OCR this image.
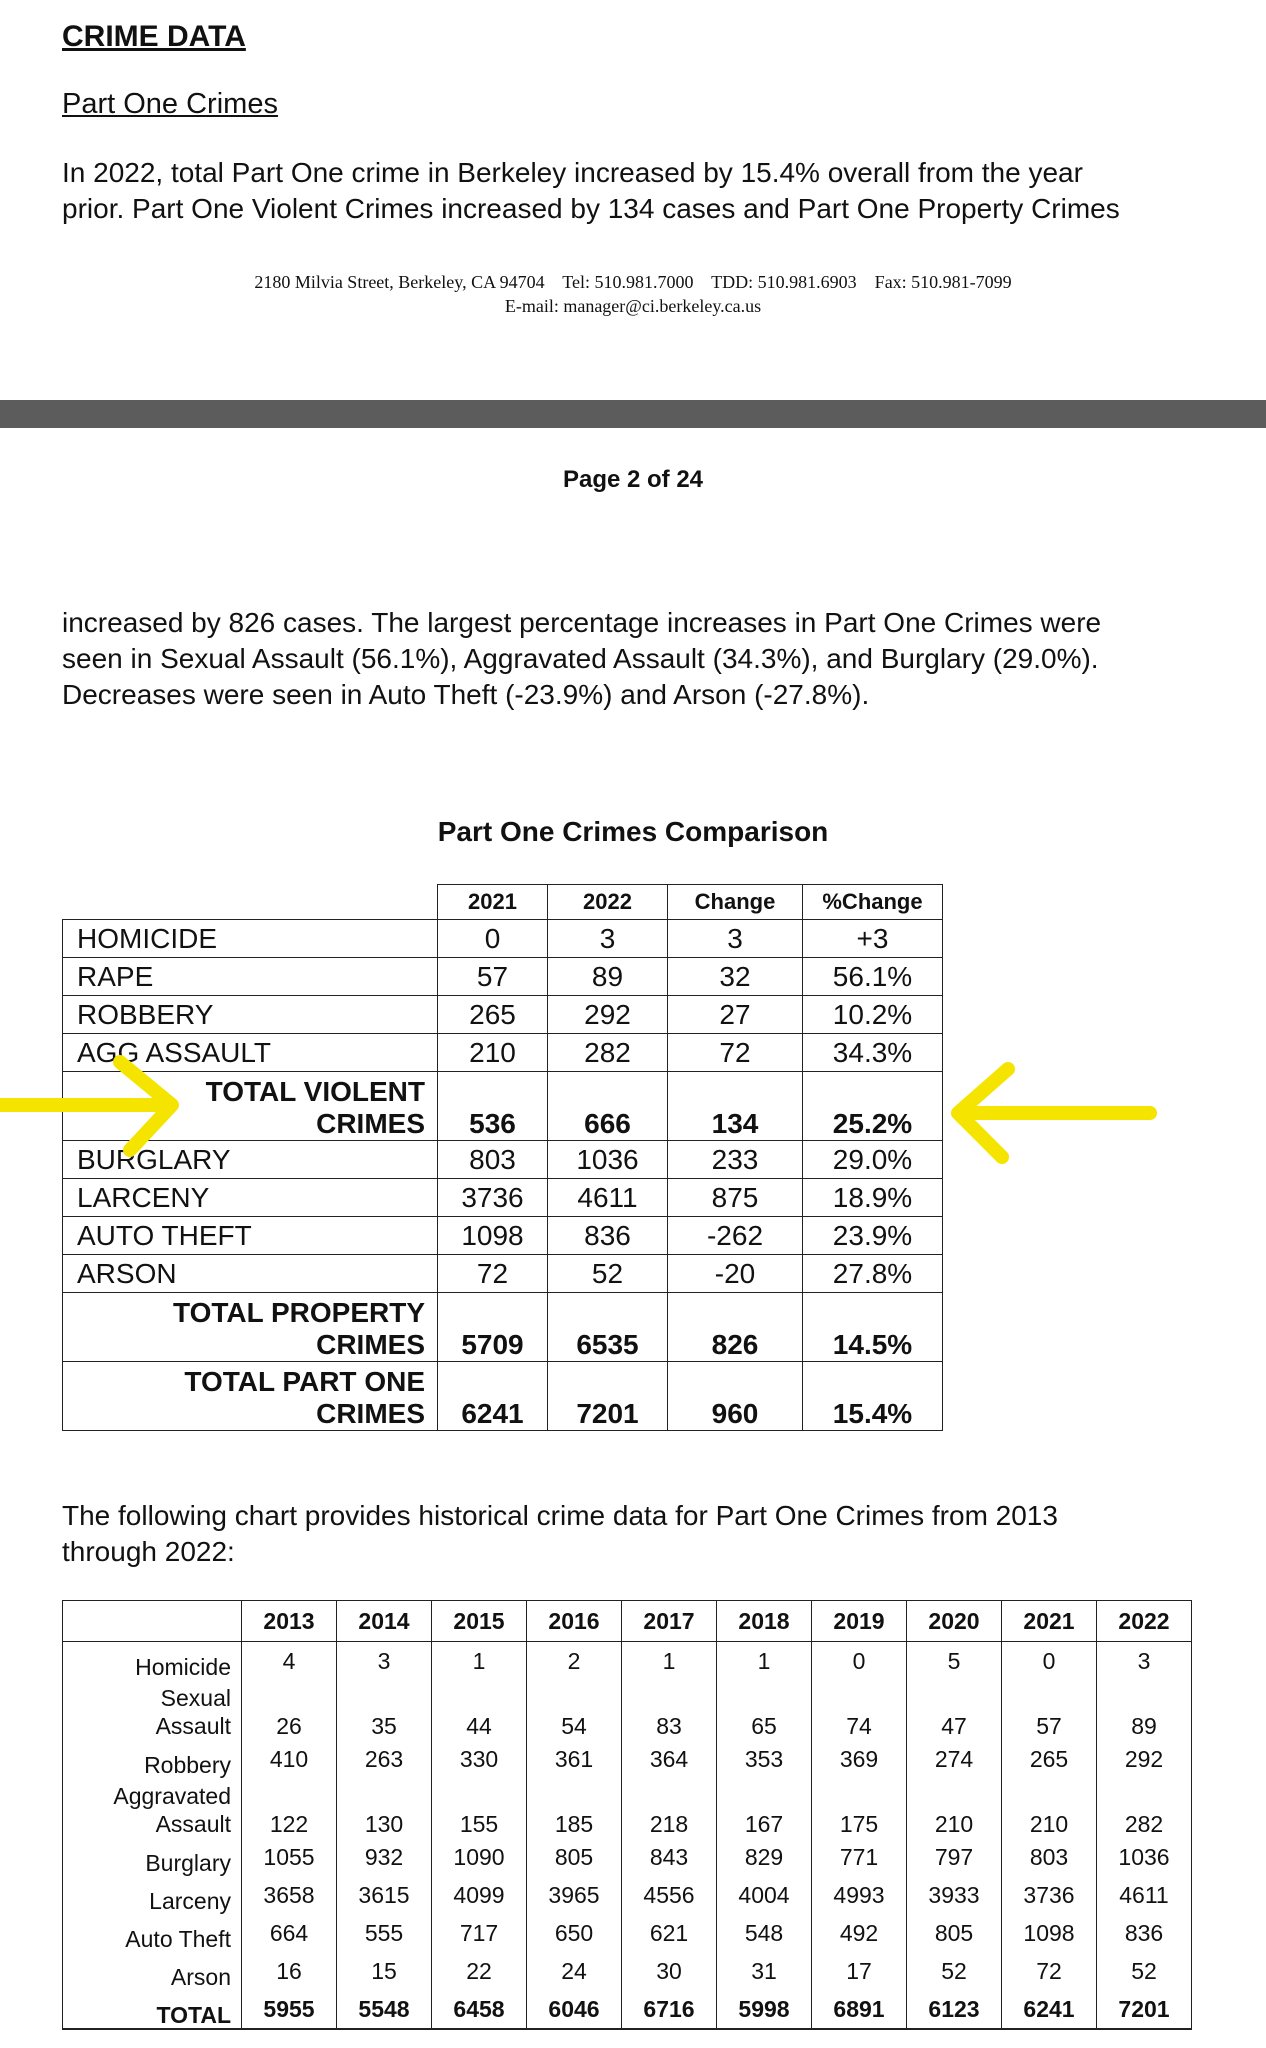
CRIME DATA
Part One Crimes
In 2022, total Part One crime in Berkeley increased by 15.4% overall from the year
prior. Part One Violent Crimes increased by 134 cases and Part One Property Crimes
2180 Milvia Street, Berkeley, CA 94704    Tel: 510.981.7000    TDD: 510.981.6903    Fax: 510.981-7099
E-mail: manager@ci.berkeley.ca.us
Page 2 of 24
increased by 826 cases. The largest percentage increases in Part One Crimes were
seen in Sexual Assault (56.1%), Aggravated Assault (34.3%), and Burglary (29.0%).
Decreases were seen in Auto Theft (-23.9%) and Arson (-27.8%).
Part One Crimes Comparison
	2021	2022	Change	%Change
HOMICIDE	0	3	3	+3
RAPE	57	89	32	56.1%
ROBBERY	265	292	27	10.2%
AGG ASSAULT	210	282	72	34.3%

TOTAL VIOLENT
CRIMES	536	666	134	25.2%
BURGLARY	803	1036	233	29.0%
LARCENY	3736	4611	875	18.9%
AUTO THEFT	1098	836	-262	23.9%
ARSON	72	52	-20	27.8%

TOTAL PROPERTY
CRIMES	5709	6535	826	14.5%

TOTAL PART ONE
CRIMES	6241	7201	960	15.4%
The following chart provides historical crime data for Part One Crimes from 2013
through 2022:
	2013	2014	2015	2016	2017	2018	2019	2020	2021	2022
Homicide	4	3	1	2	1	1	0	5	0	3

Sexual
Assault	26	35	44	54	83	65	74	47	57	89
Robbery	410	263	330	361	364	353	369	274	265	292

Aggravated
Assault	122	130	155	185	218	167	175	210	210	282
Burglary	1055	932	1090	805	843	829	771	797	803	1036
Larceny	3658	3615	4099	3965	4556	4004	4993	3933	3736	4611
Auto Theft	664	555	717	650	621	548	492	805	1098	836
Arson	16	15	22	24	30	31	17	52	72	52
TOTAL	5955	5548	6458	6046	6716	5998	6891	6123	6241	7201
